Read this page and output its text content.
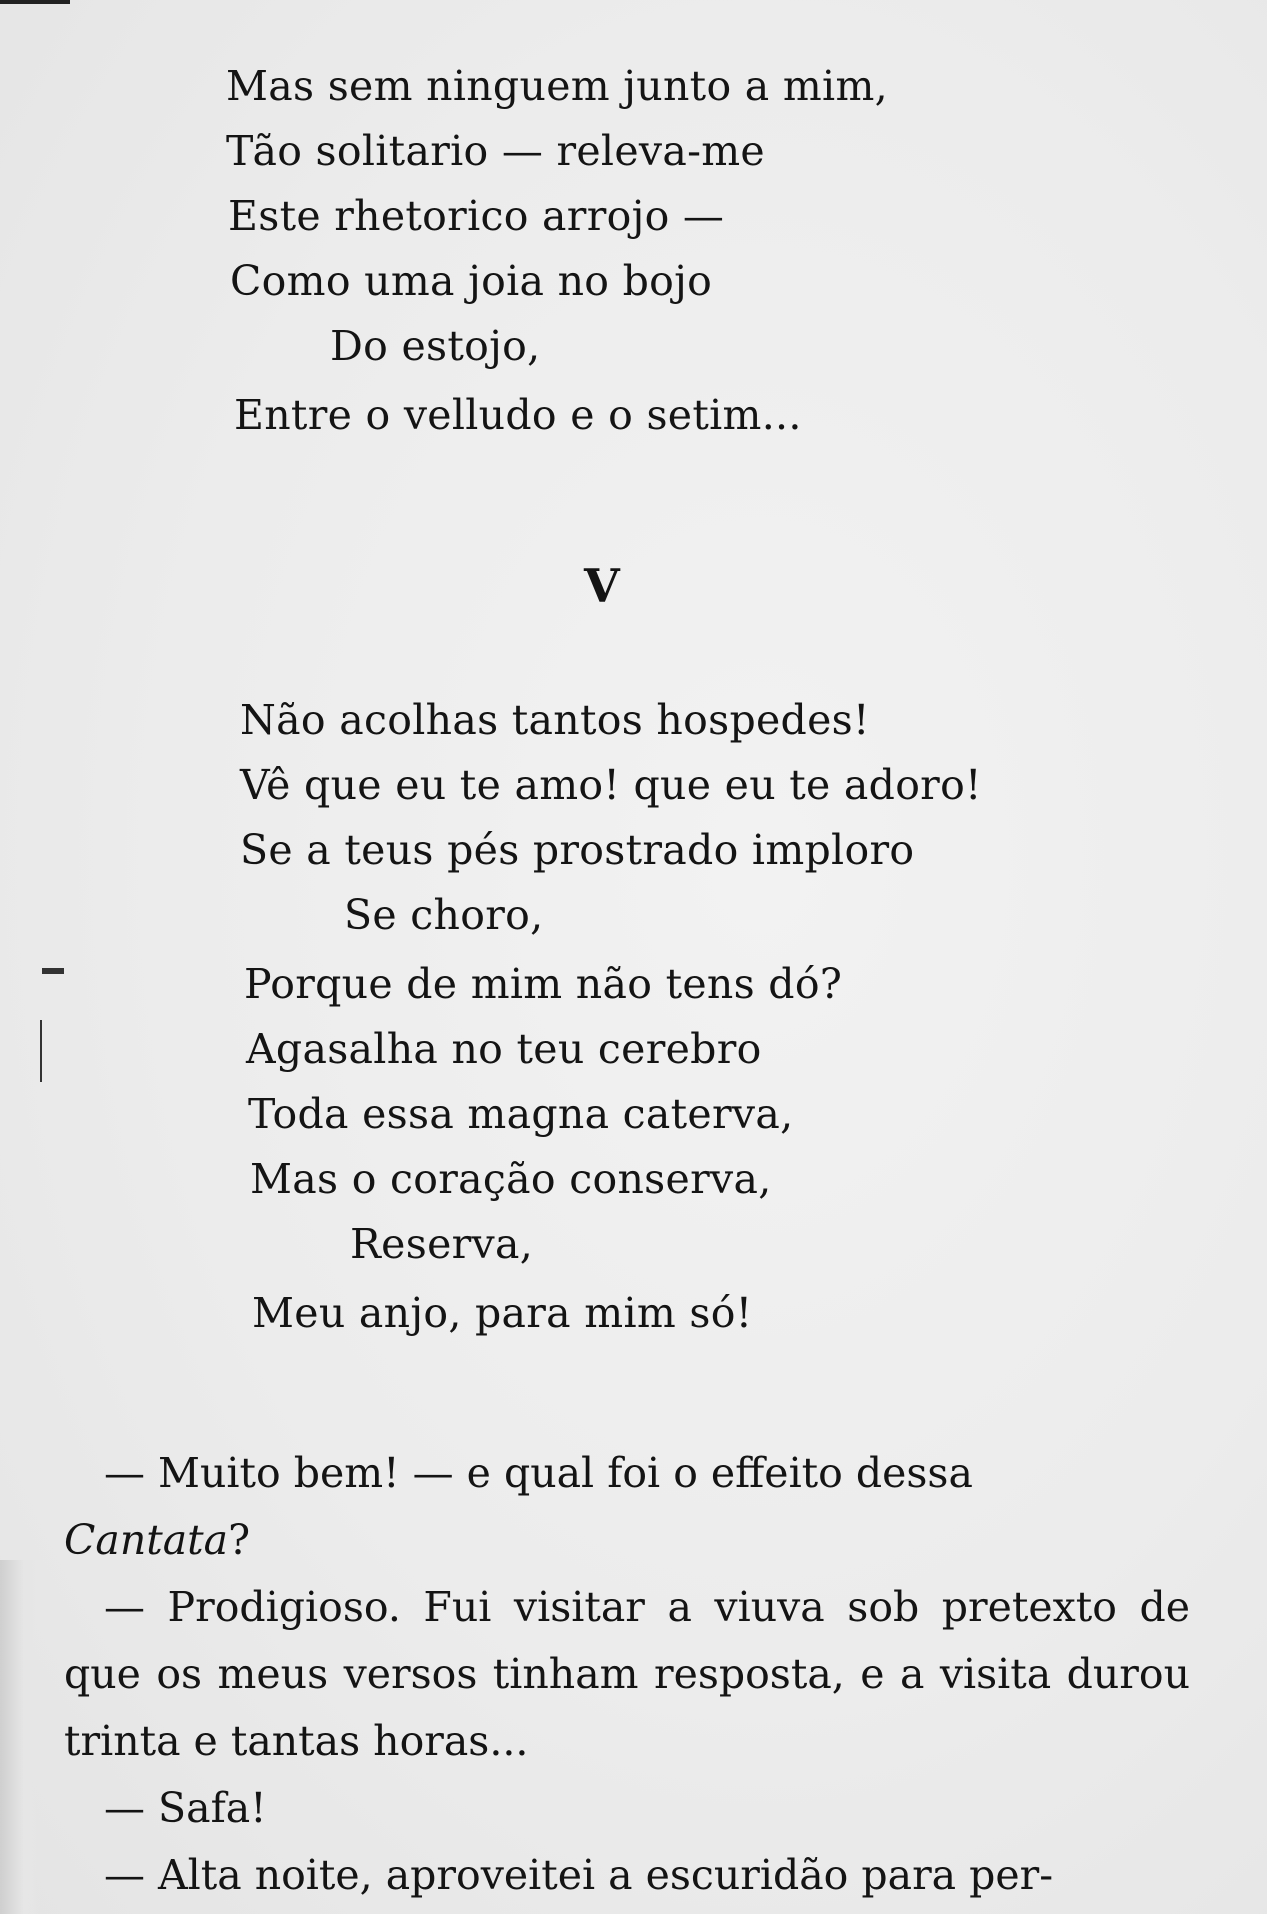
Mas sem ninguem junto a mim,
Tão solitario — releva-me
Este rhetorico arrojo —
Como uma joia no bojo
Do estojo,
Entre o velludo e o setim...
V
Não acolhas tantos hospedes!
Vê que eu te amo! que eu te adoro!
Se a teus pés prostrado imploro
Se choro,
Porque de mim não tens dó?
Agasalha no teu cerebro
Toda essa magna caterva,
Mas o coração conserva,
Reserva,
Meu anjo, para mim só!

— Muito bem! — e qual foi o effeito dessa
Cantata?

— Prodigioso. Fui visitar a viuva sob pretexto de que os meus versos tinham resposta, e a visita durou trinta e tantas horas...

— Safa!

— Alta noite, aproveitei a escuridão para per-
